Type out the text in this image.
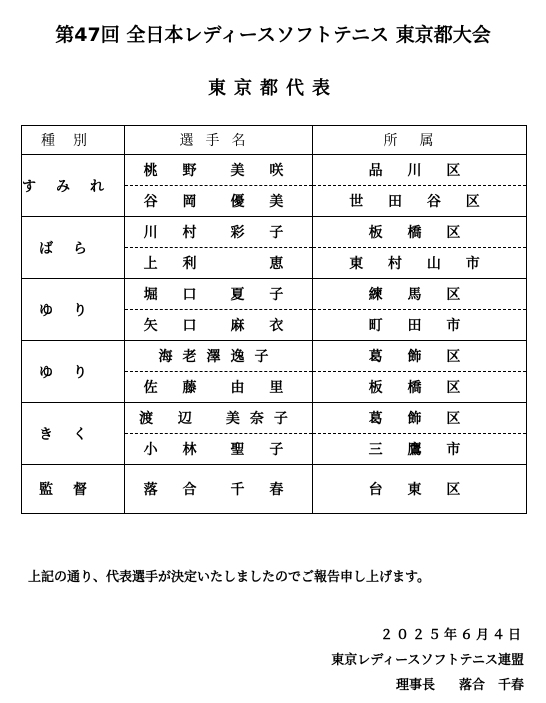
第47回 全日本レディースソフトテニス 東京都大会
東京都代表
種別	選手名	所属
すみれ	桃 野　美 咲	品 川 区
	谷 岡　優 美	世 田 谷 区
ばら	川 村　彩 子	板 橋 区
	上 利　　 恵	東 村 山 市
ゆり	堀 口　夏 子	練 馬 区
	矢 口　麻 衣	町 田 市
ゆり	海老澤逸子	葛 飾 区
	佐 藤　由 里	板 橋 区
きく	渡 辺　美奈子	葛 飾 区
	小 林　聖 子	三 鷹 市
監督	落 合　千 春	台 東 区
上記の通り、代表選手が決定いたしましたのでご報告申し上げます。
２０２５年６月４日
東京レディースソフトテニス連盟
理事長 落合　千春
